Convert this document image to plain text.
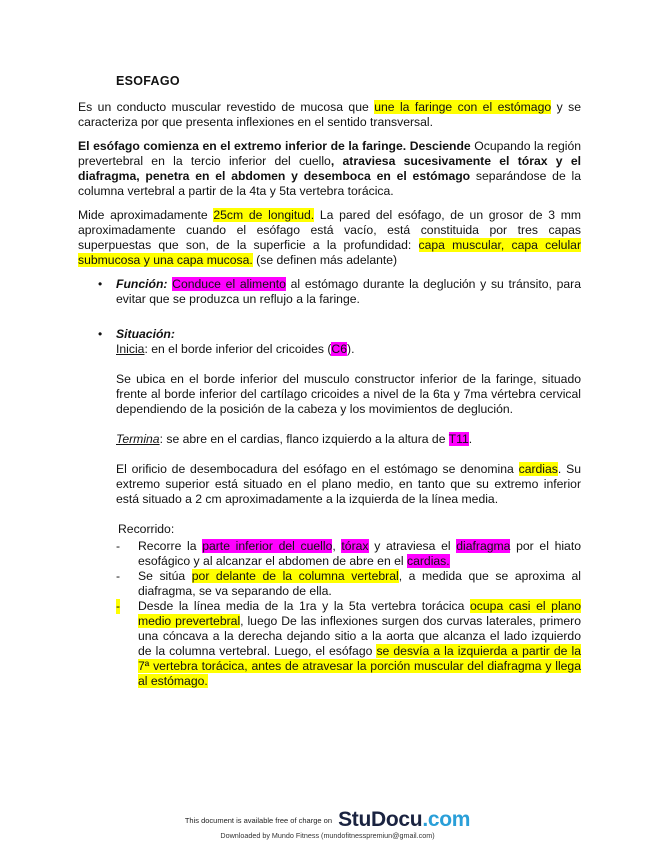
ESOFAGO

Es un conducto muscular revestido de mucosa que une la faringe con el estómago y se caracteriza por que presenta inflexiones en el sentido transversal.

El esófago comienza en el extremo inferior de la faringe. Desciende Ocupando la región prevertebral en la tercio inferior del cuello, atraviesa sucesivamente el tórax y el diafragma, penetra en el abdomen y desemboca en el estómago separándose de la columna vertebral a partir de la 4ta y 5ta vertebra torácica.

Mide aproximadamente 25cm de longitud. La pared del esófago, de un grosor de 3 mm aproximadamente cuando el esófago está vacío, está constituida por tres capas superpuestas que son, de la superficie a la profundidad: capa muscular, capa celular submucosa y una capa mucosa. (se definen más adelante)

• Función: Conduce el alimento al estómago durante la deglución y su tránsito, para evitar que se produzca un reflujo a la faringe.

• Situación:

Inicia: en el borde inferior del cricoides (C6).

Se ubica en el borde inferior del musculo constructor inferior de la faringe, situado frente al borde inferior del cartílago cricoides a nivel de la 6ta y 7ma vértebra cervical dependiendo de la posición de la cabeza y los movimientos de deglución.

Termina: se abre en el cardias, flanco izquierdo a la altura de T11.

El orificio de desembocadura del esófago en el estómago se denomina cardias. Su extremo superior está situado en el plano medio, en tanto que su extremo inferior está situado a 2 cm aproximadamente a la izquierda de la línea media.

Recorrido:
- Recorre la parte inferior del cuello, tórax y atraviesa el diafragma por el hiato esofágico y al alcanzar el abdomen de abre en el cardias.
- Se sitúa por delante de la columna vertebral, a medida que se aproxima al diafragma, se va separando de ella.
- Desde la línea media de la 1ra y la 5ta vertebra torácica ocupa casi el plano medio prevertebral, luego De las inflexiones surgen dos curvas laterales, primero una cóncava a la derecha dejando sitio a la aorta que alcanza el lado izquierdo de la columna vertebral. Luego, el esófago se desvía a la izquierda a partir de la 7ª vertebra torácica, antes de atravesar la porción muscular del diafragma y llega al estómago.
This document is available free of charge on StuDocu.com
Downloaded by Mundo Fitness (mundofitnesspremiun@gmail.com)
